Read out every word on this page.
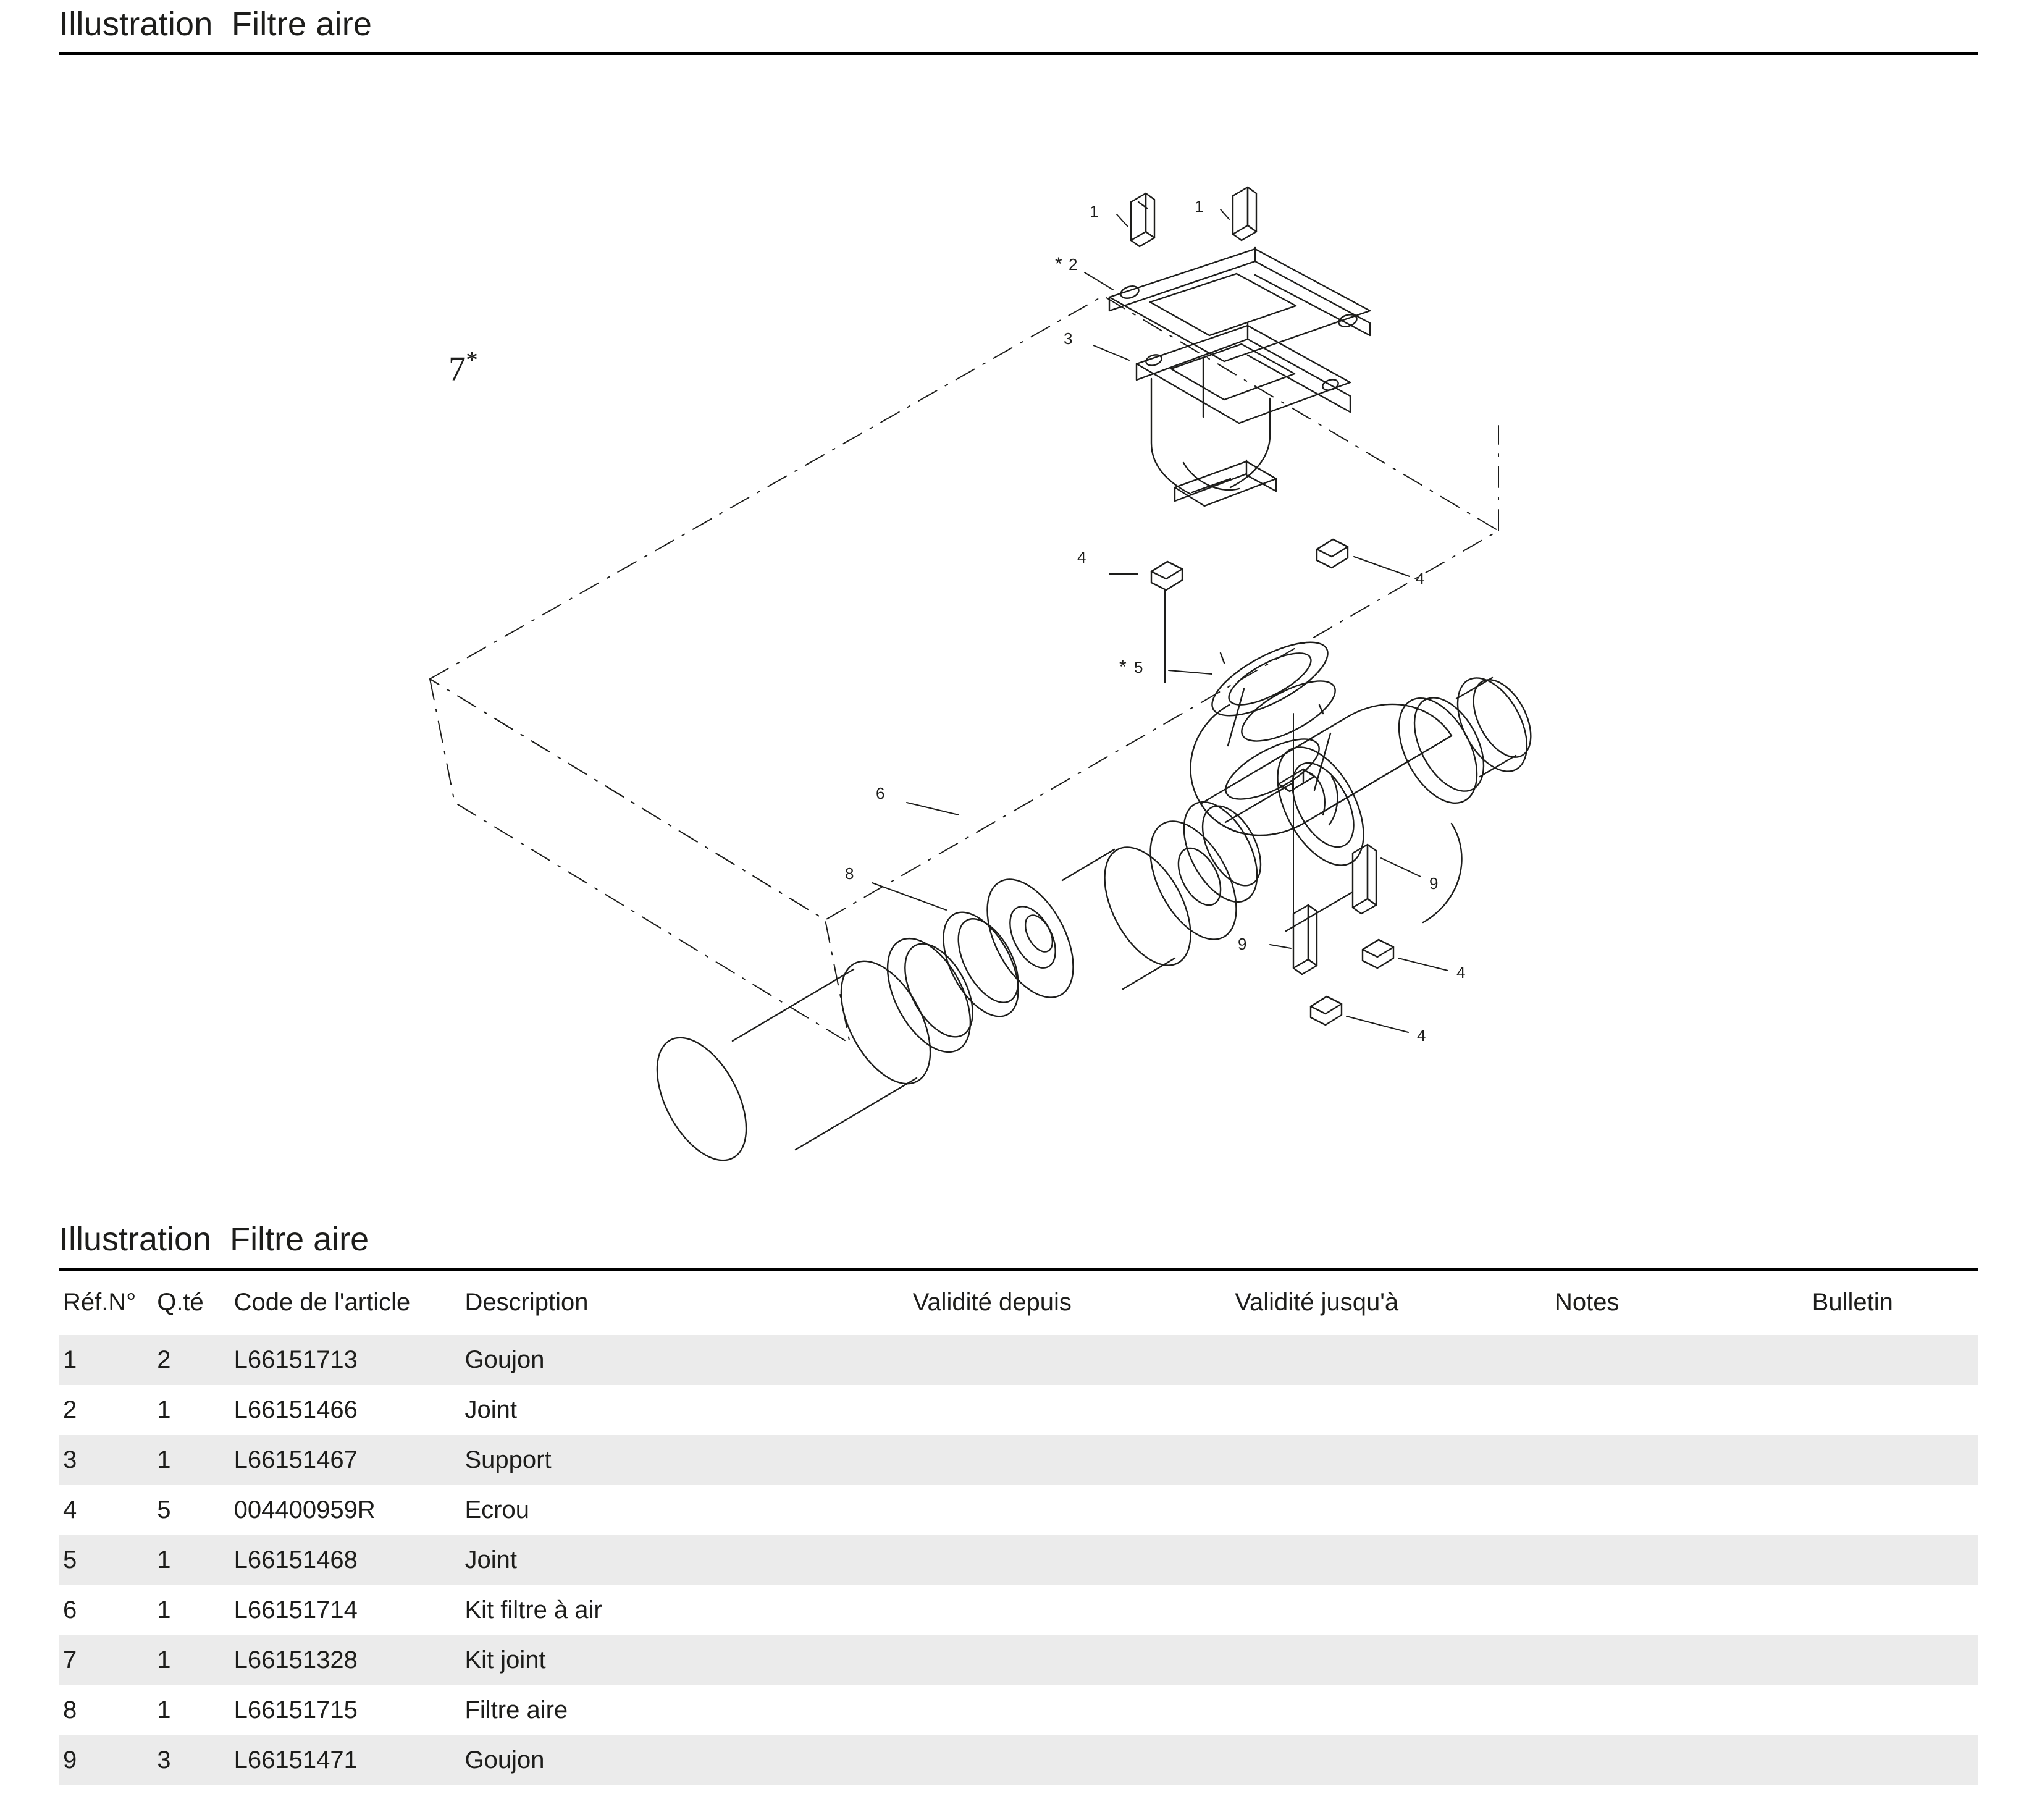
Illustration  Filtre aire
7*
1	1
* 2
3
4
4
* 5
6
8
9
9
4
4
Illustration  Filtre aire
Réf.N°	Q.té	Code de l'article	Description	Validité depuis	Validité jusqu'à	Notes	Bulletin
1	2	L66151713	Goujon				
2	1	L66151466	Joint				
3	1	L66151467	Support				
4	5	004400959R	Ecrou				
5	1	L66151468	Joint				
6	1	L66151714	Kit filtre à air				
7	1	L66151328	Kit joint				
8	1	L66151715	Filtre aire				
9	3	L66151471	Goujon				
